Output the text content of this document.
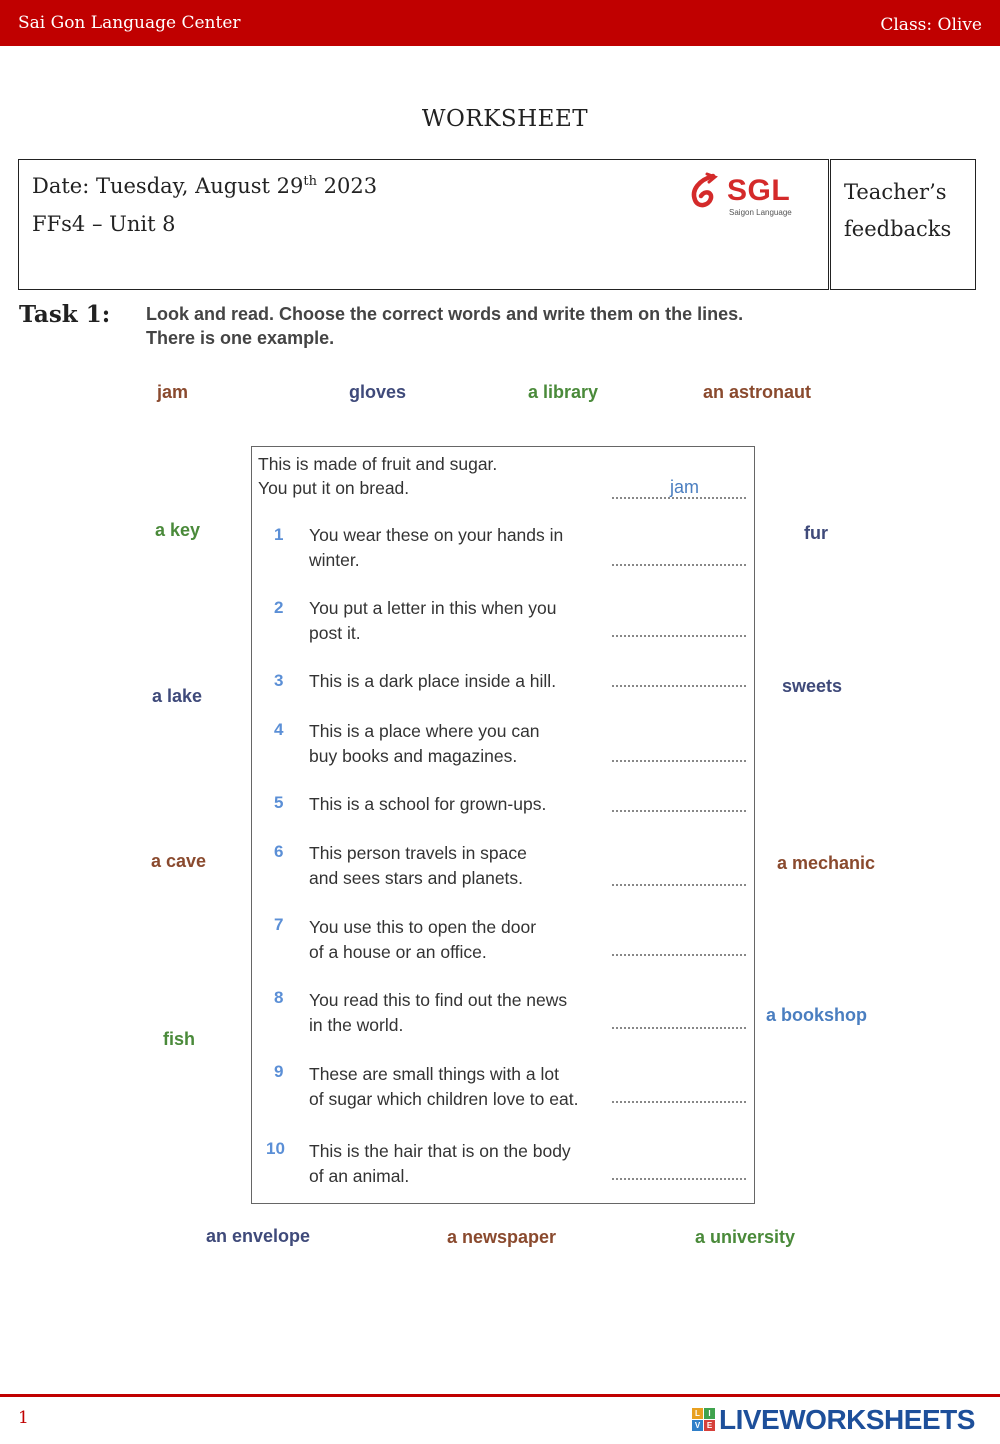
Sai Gon Language Center	Class: Olive
WORKSHEET
Date: Tuesday, August 29th 2023
FFs4 – Unit 8
SGL
Saigon Language
Teacher’s feedbacks
Task 1: Look and read. Choose the correct words and write them on the lines.
There is one example.
jam	gloves	a library	an astronaut
a key
a lake
a cave
fish
fur
sweets
a mechanic
a bookshop
an envelope	a newspaper	a university
This is made of fruit and sugar.
You put it on bread.	jam
1	You wear these on your hands in
winter.
2	You put a letter in this when you
post it.
3	This is a dark place inside a hill.
4	This is a place where you can
buy books and magazines.
5	This is a school for grown-ups.
6	This person travels in space
and sees stars and planets.
7	You use this to open the door
of a house or an office.
8	You read this to find out the news
in the world.
9	These are small things with a lot
of sugar which children love to eat.
10	This is the hair that is on the body
of an animal.
1	L	I
V E LIVEWORKSHEETS
